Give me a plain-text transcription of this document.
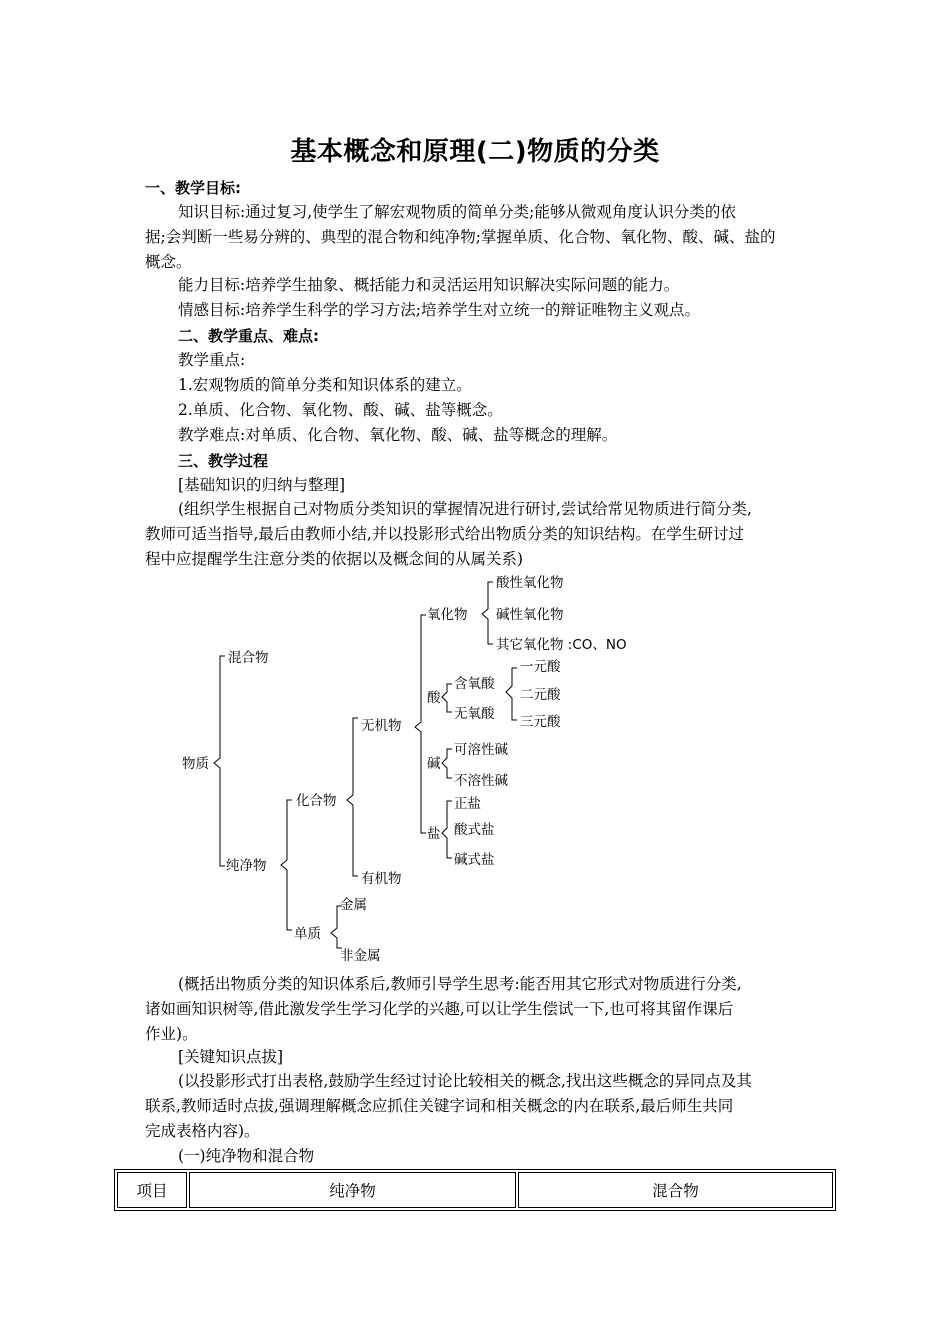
基本概念和原理(二)物质的分类
一、教学目标:
知识目标:通过复习,使学生了解宏观物质的简单分类;能够从微观角度认识分类的依
据;会判断一些易分辨的、典型的混合物和纯净物;掌握单质、化合物、氧化物、酸、碱、盐的
概念。
能力目标:培养学生抽象、概括能力和灵活运用知识解决实际问题的能力。
情感目标:培养学生科学的学习方法;培养学生对立统一的辩证唯物主义观点。
二、教学重点、难点:
教学重点:
1.宏观物质的简单分类和知识体系的建立。
2.单质、化合物、氧化物、酸、碱、盐等概念。
教学难点:对单质、化合物、氧化物、酸、碱、盐等概念的理解。
三、教学过程
[基础知识的归纳与整理]
(组织学生根据自己对物质分类知识的掌握情况进行研讨,尝试给常见物质进行简分类,
教师可适当指导,最后由教师小结,并以投影形式给出物质分类的知识结构。在学生研讨过
程中应提醒学生注意分类的依据以及概念间的从属关系)
物质
混合物
纯净物
化合物
单质
金属
非金属
无机物
有机物
氧化物
酸性氧化物
碱性氧化物
其它氧化物 :CO、NO
酸
含氧酸
无氧酸
一元酸
二元酸
三元酸
碱
可溶性碱
不溶性碱
盐
正盐
酸式盐
碱式盐
(概括出物质分类的知识体系后,教师引导学生思考:能否用其它形式对物质进行分类,
诸如画知识树等,借此激发学生学习化学的兴趣,可以让学生偿试一下,也可将其留作课后
作业)。
[关键知识点拔]
(以投影形式打出表格,鼓励学生经过讨论比较相关的概念,找出这些概念的异同点及其
联系,教师适时点拔,强调理解概念应抓住关键字词和相关概念的内在联系,最后师生共同
完成表格内容)。
(一)纯净物和混合物
项目	纯净物	混合物
